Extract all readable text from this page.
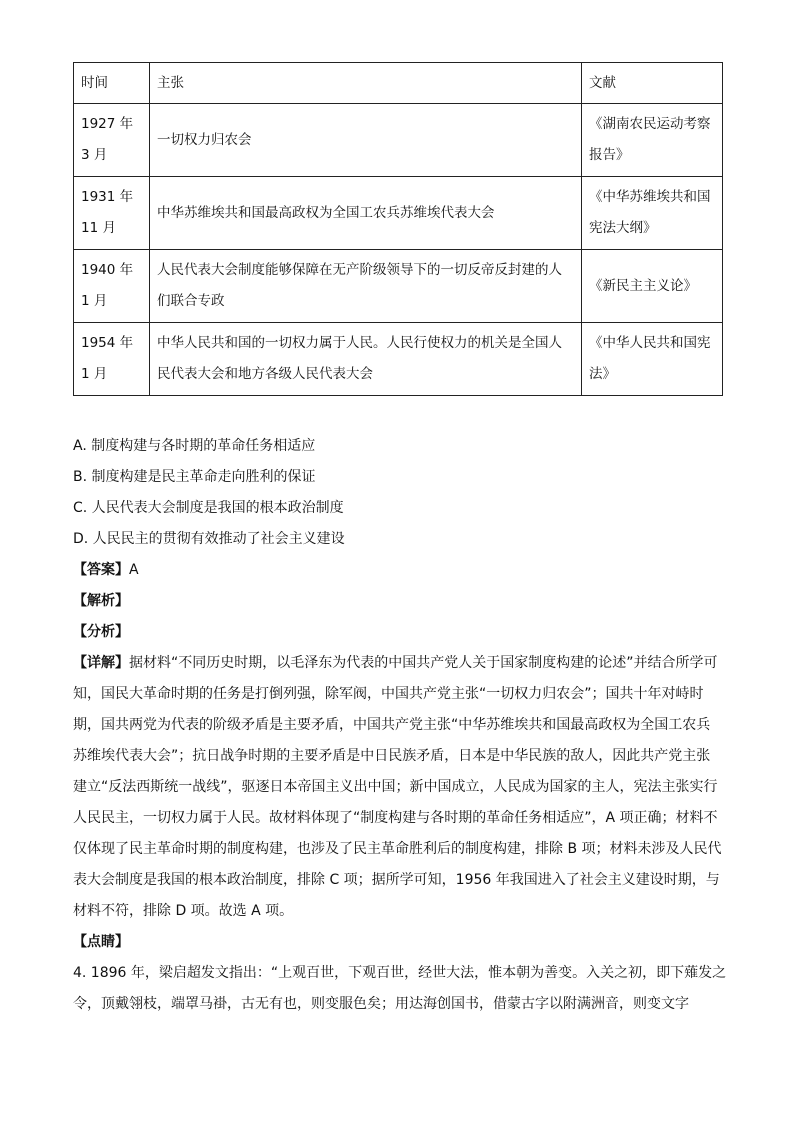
时间	主张	文献
1927 年 3 月	一切权力归农会	《湖南农民运动考察报告》
1931 年 11 月	中华苏维埃共和国最高政权为全国工农兵苏维埃代表大会	《中华苏维埃共和国宪法大纲》
1940 年 1 月	人民代表大会制度能够保障在无产阶级领导下的一切反帝反封建的人们联合专政	《新民主主义论》
1954 年 1 月	中华人民共和国的一切权力属于人民。人民行使权力的机关是全国人民代表大会和地方各级人民代表大会	《中华人民共和国宪法》
A. 制度构建与各时期的革命任务相适应
B. 制度构建是民主革命走向胜利的保证
C. 人民代表大会制度是我国的根本政治制度
D. 人民民主的贯彻有效推动了社会主义建设
【答案】A
【解析】
【分析】
【详解】据材料“不同历史时期，以毛泽东为代表的中国共产党人关于国家制度构建的论述”并结合所学可
知，国民大革命时期的任务是打倒列强，除军阀，中国共产党主张“一切权力归农会”；国共十年对峙时
期，国共两党为代表的阶级矛盾是主要矛盾，中国共产党主张“中华苏维埃共和国最高政权为全国工农兵
苏维埃代表大会”；抗日战争时期的主要矛盾是中日民族矛盾，日本是中华民族的敌人，因此共产党主张
建立“反法西斯统一战线”，驱逐日本帝国主义出中国；新中国成立，人民成为国家的主人，宪法主张实行
人民民主，一切权力属于人民。故材料体现了“制度构建与各时期的革命任务相适应”，A 项正确；材料不
仅体现了民主革命时期的制度构建，也涉及了民主革命胜利后的制度构建，排除 B 项；材料未涉及人民代
表大会制度是我国的根本政治制度，排除 C 项；据所学可知，1956 年我国进入了社会主义建设时期，与
材料不符，排除 D 项。故选 A 项。
【点睛】
4. 1896 年，梁启超发文指出：“上观百世，下观百世，经世大法，惟本朝为善变。入关之初，即下薙发之
令，顶戴翎枝，端罩马褂，古无有也，则变服色矣；用达海创国书，借蒙古字以附满洲音，则变文字
